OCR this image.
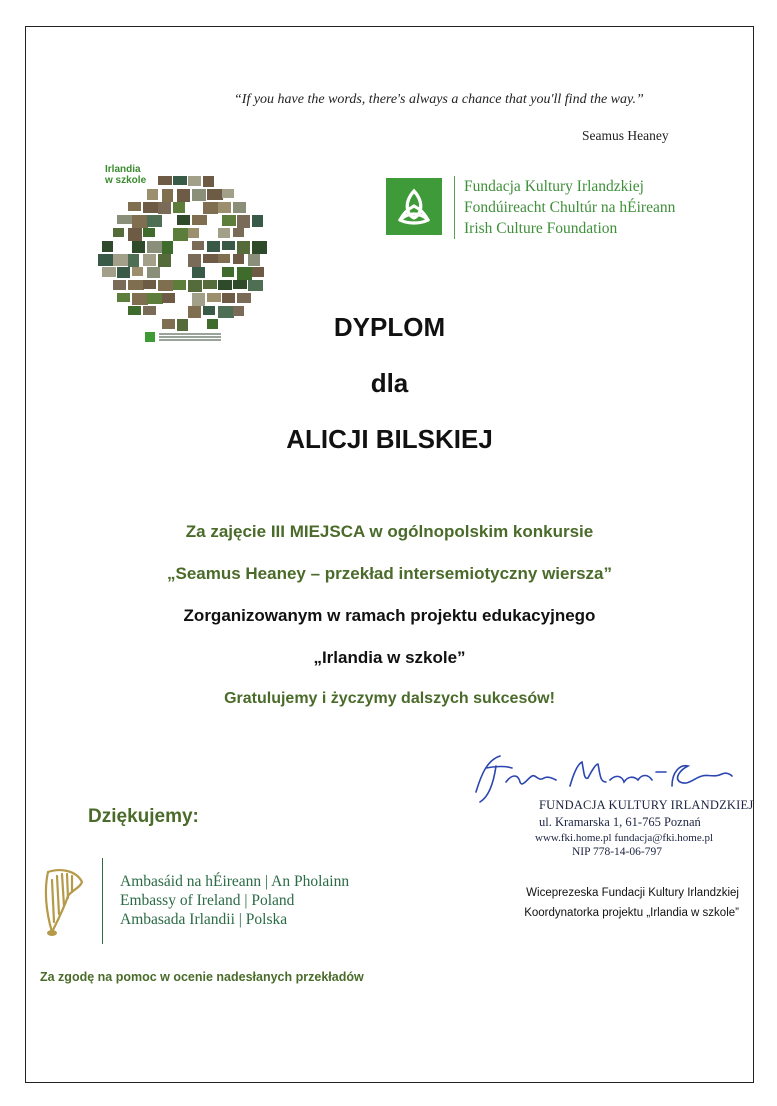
“If you have the words, there's always a chance that you'll find the way.”
Seamus Heaney
Irlandia
w szkole	Fundacja Kultury Irlandzkiej
Fondúireacht Chultúr na hÉireann
Irish Culture Foundation
DYPLOM
dla
ALICJI BILSKIEJ
Za zajęcie III MIEJSCA w ogólnopolskim konkursie
„Seamus Heaney – przekład intersemiotyczny wiersza”
Zorganizowanym w ramach projektu edukacyjnego
„Irlandia w szkole”
Gratulujemy i życzymy dalszych sukcesów!
Dziękujemy:
Ambasáid na hÉireann | An Pholainn
Embassy of Ireland | Poland
Ambasada Irlandii | Polska
Za zgodę na pomoc w ocenie nadesłanych przekładów
FUNDACJA KULTURY IRLANDZKIEJ
ul. Kramarska 1, 61-765 Poznań
www.fki.home.pl fundacja@fki.home.pl
NIP 778-14-06-797
Wiceprezeska Fundacji Kultury Irlandzkiej
Koordynatorka projektu „Irlandia w szkole”
